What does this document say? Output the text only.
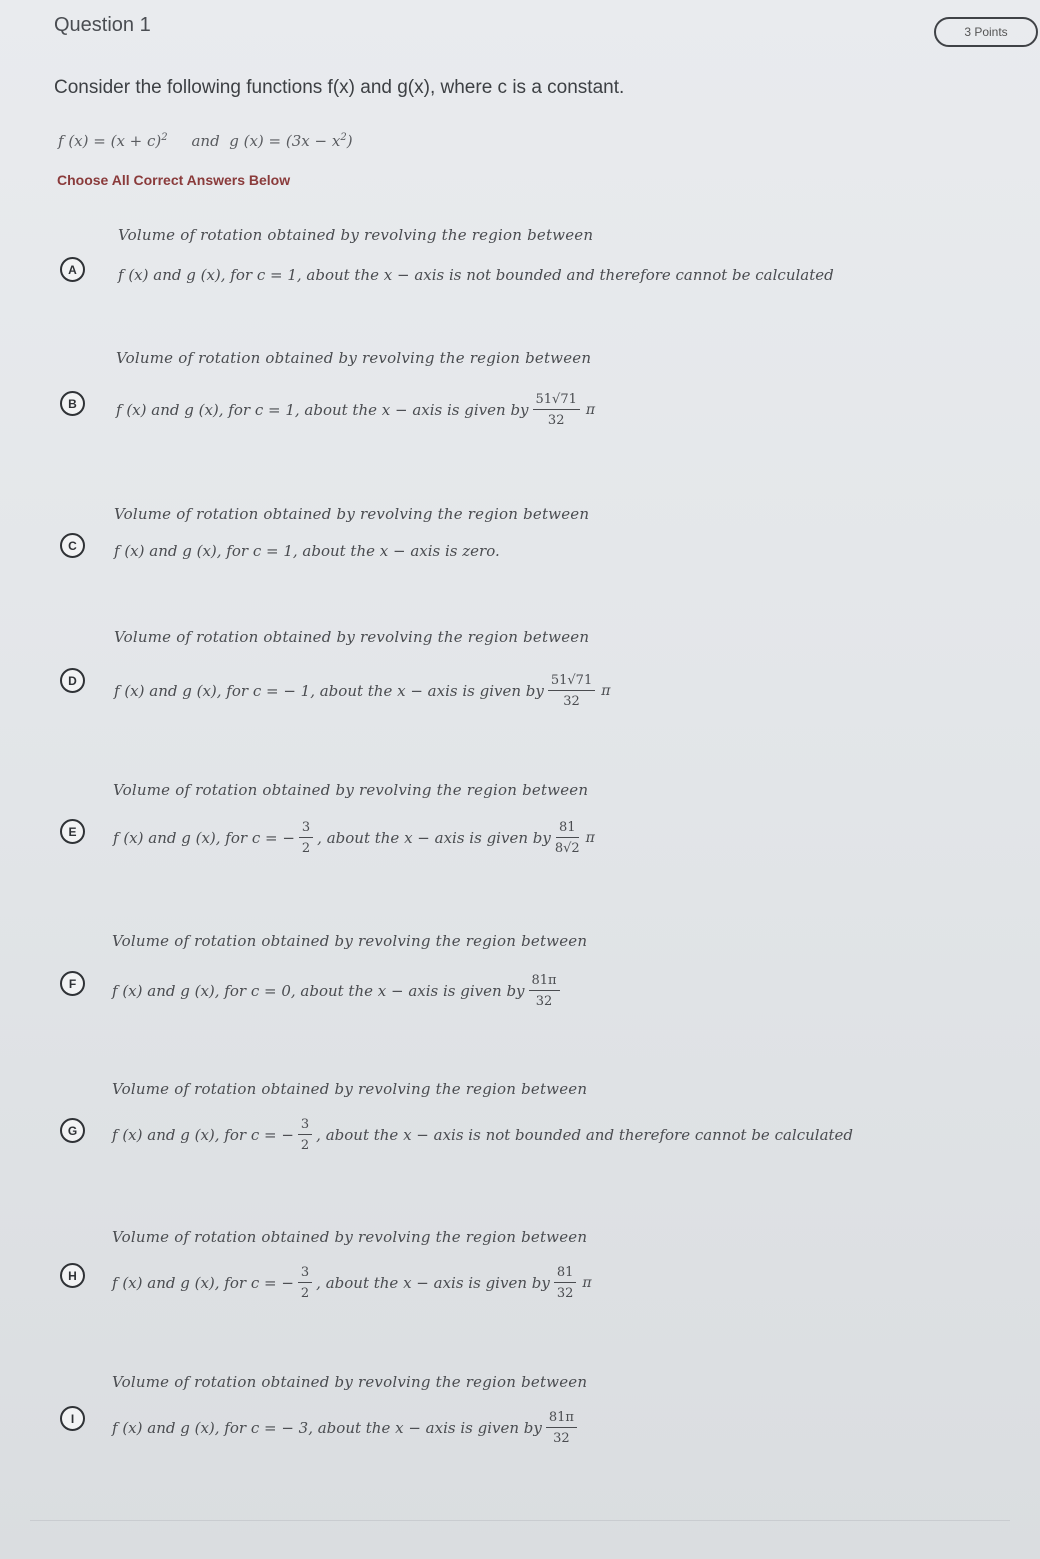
Question 1	3 Points
Consider the following functions f(x) and g(x), where c is a constant.
f $(x) = (x + c)^2$ and g $(x) = (3x - x^2)$
Choose All Correct Answers Below
Volume of rotation obtained by revolving the region between
A	f (x) and g (x), for c = 1, about the x − axis is not bounded and therefore cannot be calculated
Volume of rotation obtained by revolving the region between
B	f (x) and g (x), for c = 1, about the x − axis is given by $\frac{51√71}{32}$ π
Volume of rotation obtained by revolving the region between
C	f (x) and g (x), for c = 1, about the x − axis is zero.
Volume of rotation obtained by revolving the region between
D
f (x) and g (x), for c = − 1, about the x − axis is given by $\frac{51√71}{32}$ π
Volume of rotation obtained by revolving the region between
E	f (x) and g (x), for c = − $\frac{3}{2}$ , about the x − axis is given by $\frac{81}{8√2}$ π
Volume of rotation obtained by revolving the region between
F	f (x) and g (x), for c = 0, about the x − axis is given by $\frac{81\pi}{32}$
Volume of rotation obtained by revolving the region between
G	f (x) and g (x), for c = − $\frac{3}{2}$ , about the x − axis is not bounded and therefore cannot be calculated
Volume of rotation obtained by revolving the region between
H	f (x) and g (x), for c = − $\frac{3}{2}$ , about the x − axis is given by $\frac{81}{32}$ π
Volume of rotation obtained by revolving the region between
I
f (x) and g (x), for c = − 3, about the x − axis is given by $\frac{81\pi}{32}$
